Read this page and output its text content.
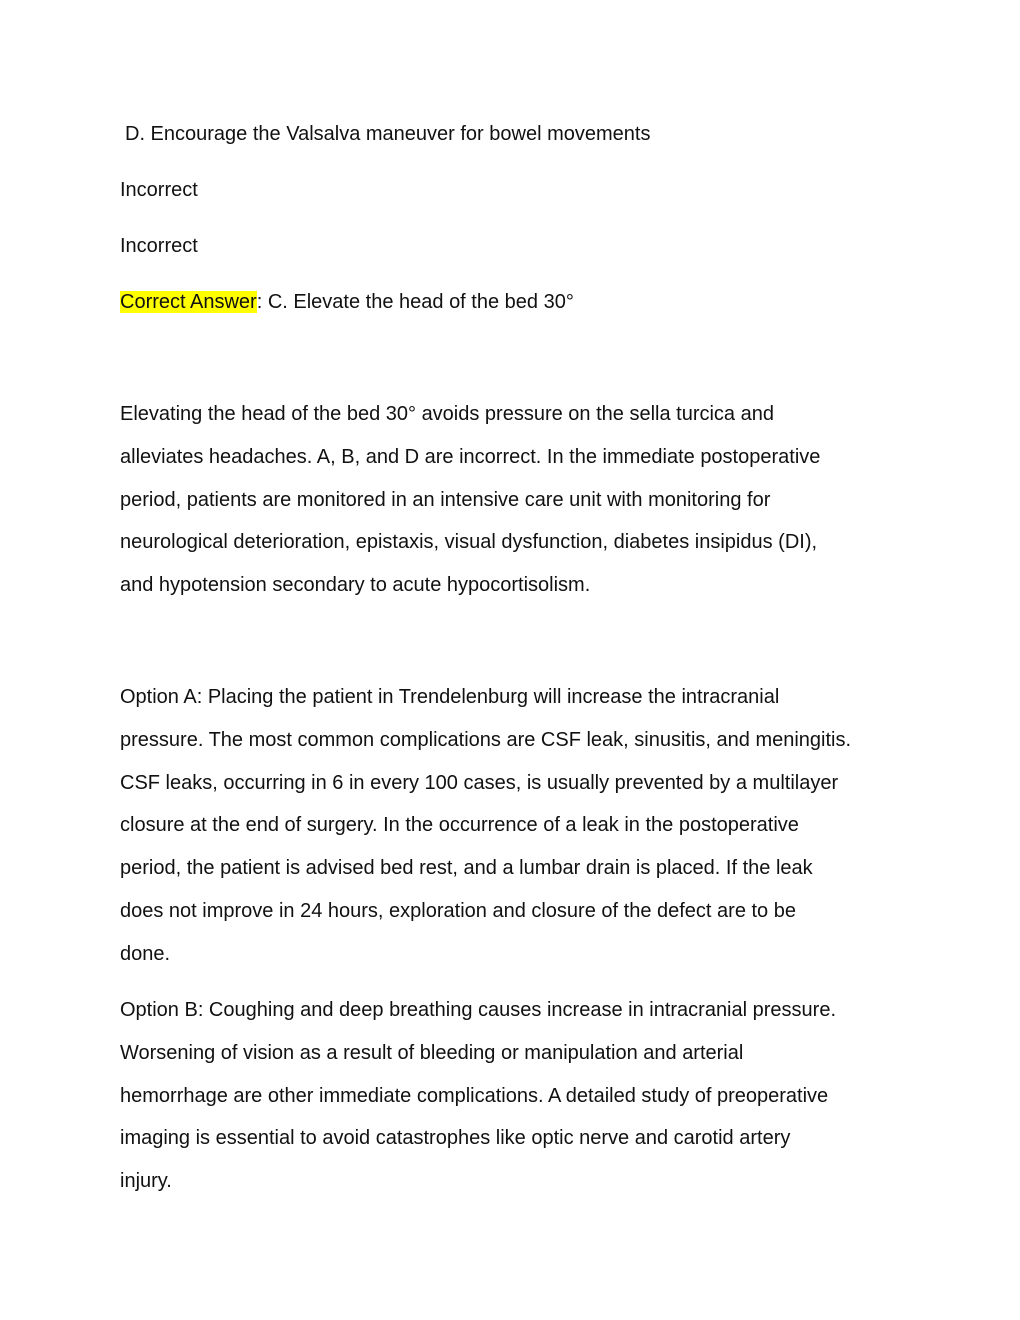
D. Encourage the Valsalva maneuver for bowel movements
Incorrect
Incorrect
Correct Answer: C. Elevate the head of the bed 30°
Elevating the head of the bed 30° avoids pressure on the sella turcica and
alleviates headaches. A, B, and D are incorrect. In the immediate postoperative
period, patients are monitored in an intensive care unit with monitoring for
neurological deterioration, epistaxis, visual dysfunction, diabetes insipidus (DI),
and hypotension secondary to acute hypocortisolism.
Option A: Placing the patient in Trendelenburg will increase the intracranial
pressure. The most common complications are CSF leak, sinusitis, and meningitis.
CSF leaks, occurring in 6 in every 100 cases, is usually prevented by a multilayer
closure at the end of surgery. In the occurrence of a leak in the postoperative
period, the patient is advised bed rest, and a lumbar drain is placed. If the leak
does not improve in 24 hours, exploration and closure of the defect are to be
done.
Option B: Coughing and deep breathing causes increase in intracranial pressure.
Worsening of vision as a result of bleeding or manipulation and arterial
hemorrhage are other immediate complications. A detailed study of preoperative
imaging is essential to avoid catastrophes like optic nerve and carotid artery
injury.
